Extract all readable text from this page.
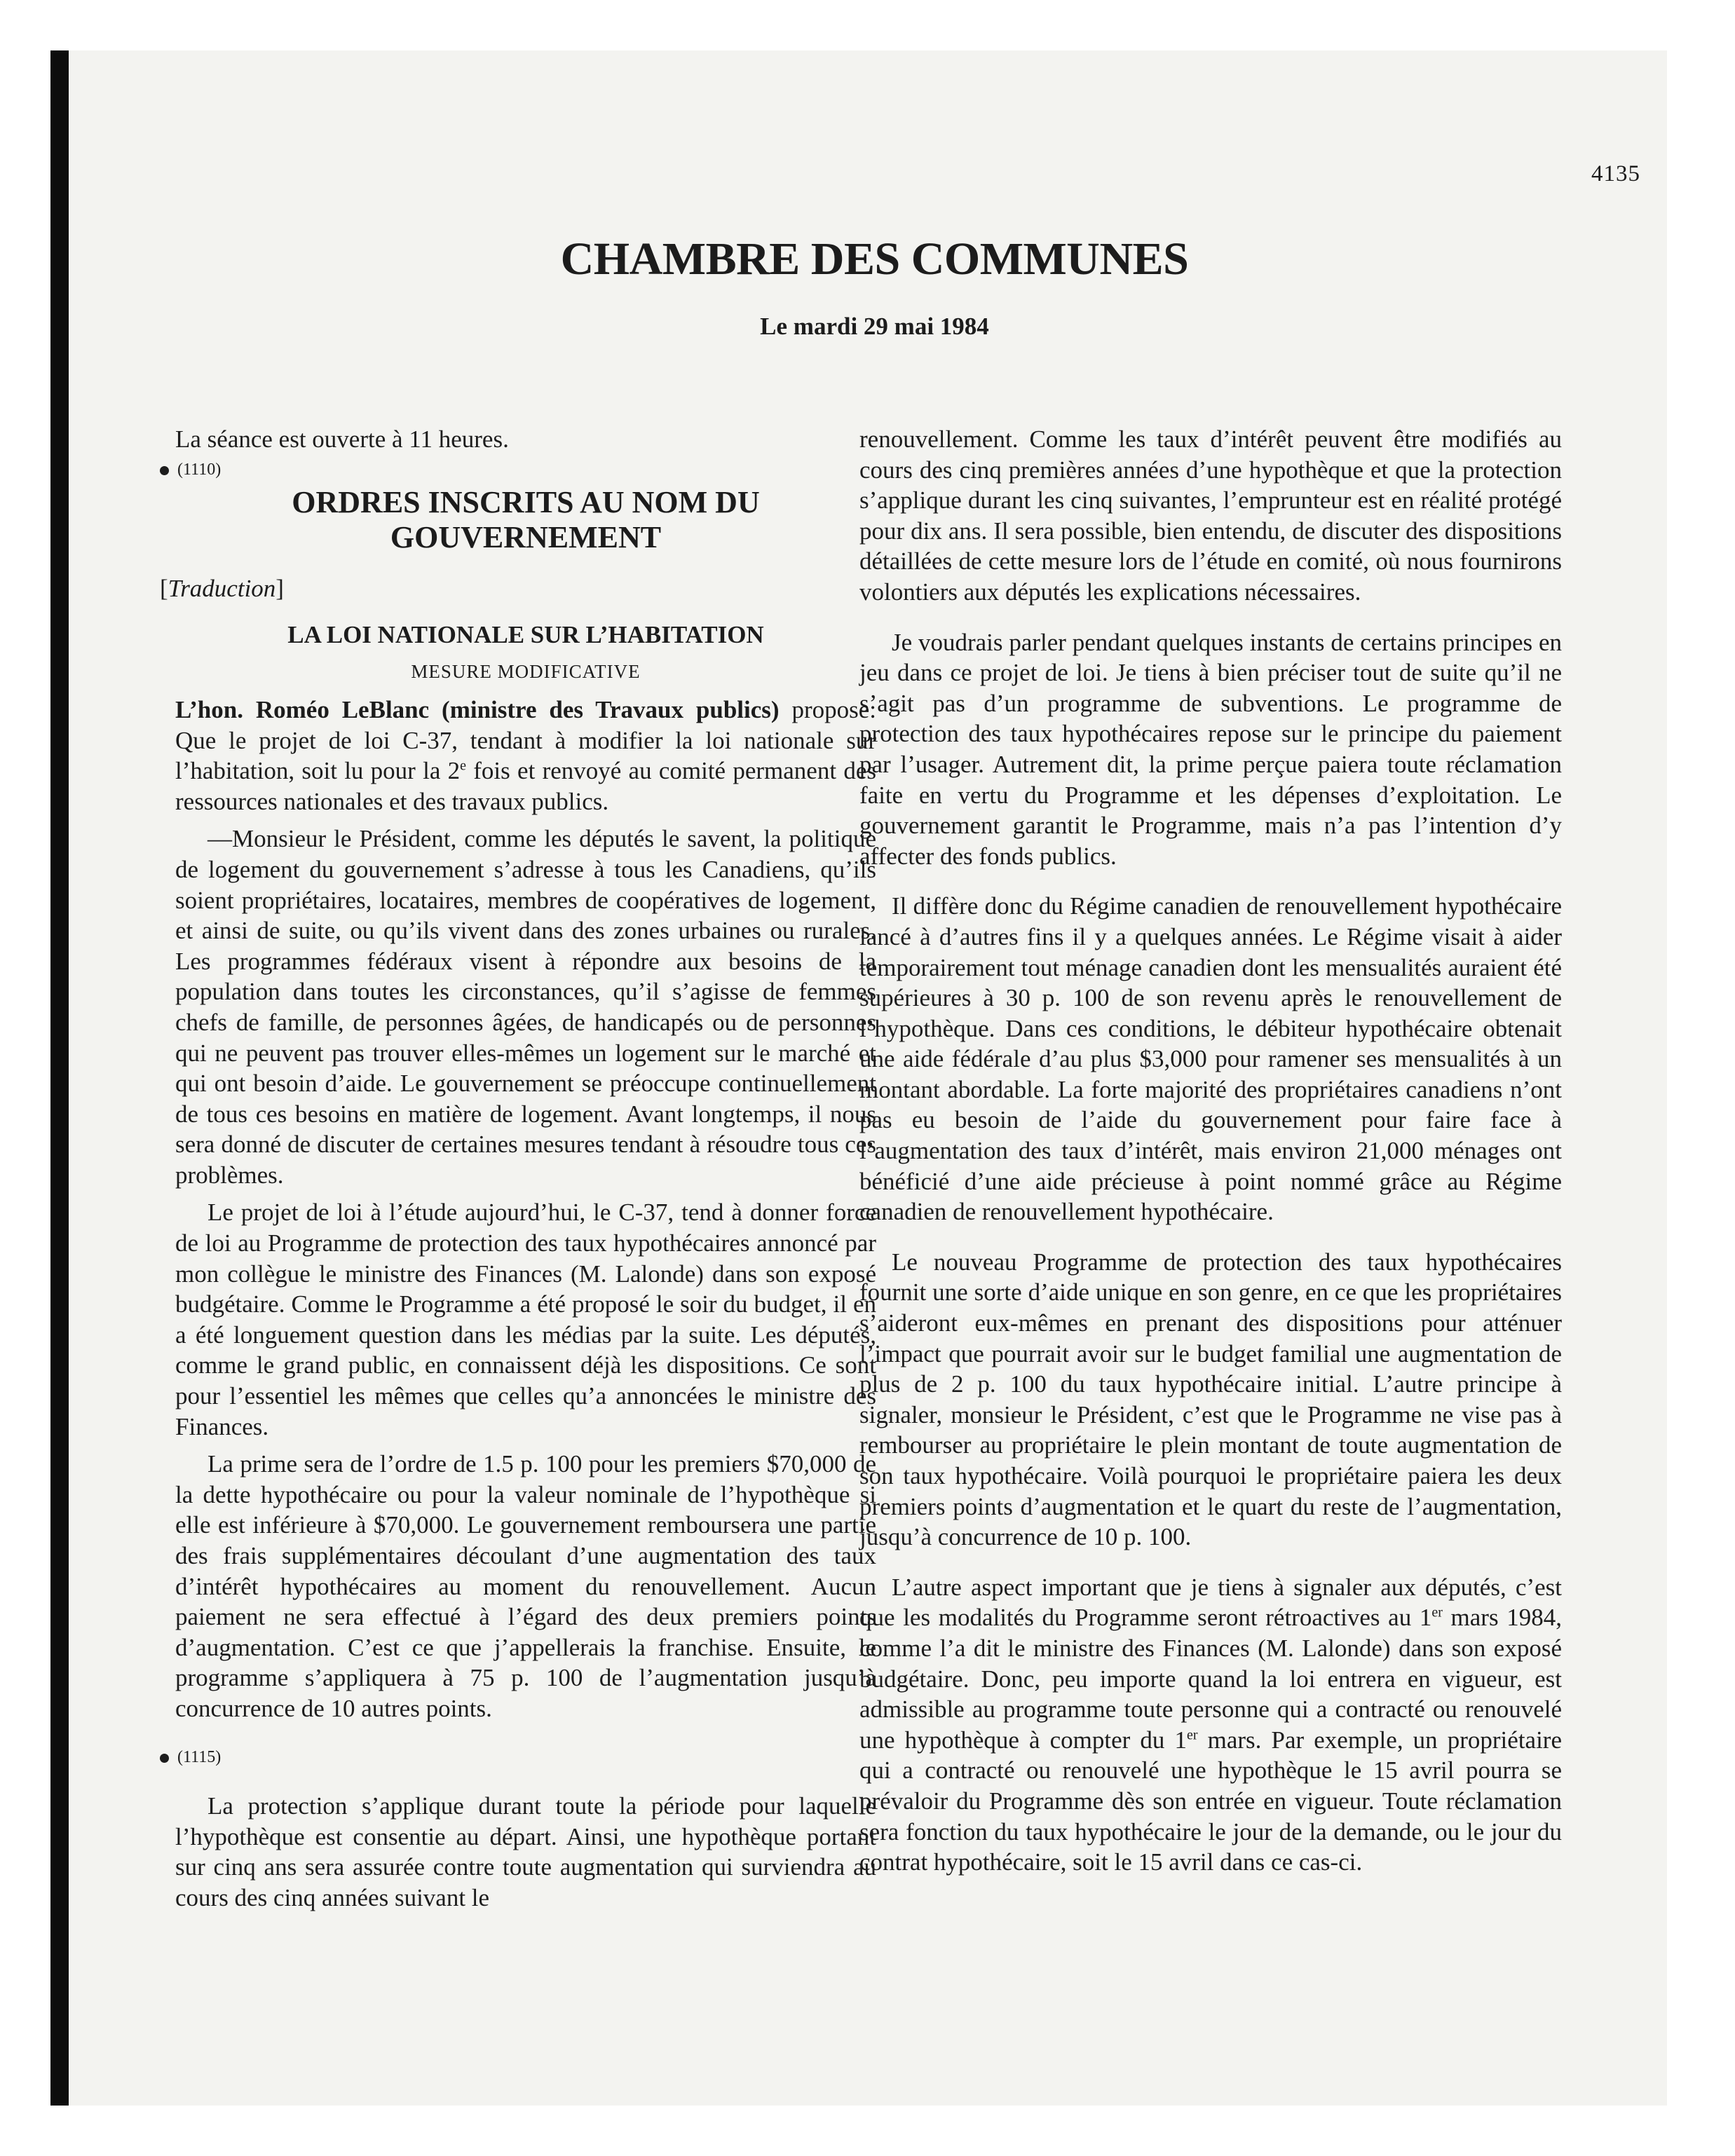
4135
CHAMBRE DES COMMUNES
Le mardi 29 mai 1984

La séance est ouverte à 11 heures.

(1110)

ORDRES INSCRITS AU NOM DU
GOUVERNEMENT

[Traduction]

LA LOI NATIONALE SUR L’HABITATION
MESURE MODIFICATIVE

L’hon. Roméo LeBlanc (ministre des Travaux publics) propose: Que le projet de loi C-37, tendant à modifier la loi nationale sur l’habitation, soit lu pour la 2e fois et renvoyé au comité permanent des ressources nationales et des travaux publics.

—Monsieur le Président, comme les députés le savent, la politique de logement du gouvernement s’adresse à tous les Canadiens, qu’ils soient propriétaires, locataires, membres de coopératives de logement, et ainsi de suite, ou qu’ils vivent dans des zones urbaines ou rurales. Les programmes fédéraux visent à répondre aux besoins de la population dans toutes les circonstances, qu’il s’agisse de femmes chefs de famille, de personnes âgées, de handicapés ou de personnes qui ne peuvent pas trouver elles-mêmes un logement sur le marché et qui ont besoin d’aide. Le gouvernement se préoccupe continuellement de tous ces besoins en matière de logement. Avant longtemps, il nous sera donné de discuter de certaines mesures tendant à résoudre tous ces problèmes.

Le projet de loi à l’étude aujourd’hui, le C-37, tend à donner force de loi au Programme de protection des taux hypothécaires annoncé par mon collègue le ministre des Finances (M. Lalonde) dans son exposé budgétaire. Comme le Programme a été proposé le soir du budget, il en a été longuement question dans les médias par la suite. Les députés, comme le grand public, en connaissent déjà les dispositions. Ce sont pour l’essentiel les mêmes que celles qu’a annoncées le ministre des Finances.

La prime sera de l’ordre de 1.5 p. 100 pour les premiers $70,000 de la dette hypothécaire ou pour la valeur nominale de l’hypothèque si elle est inférieure à $70,000. Le gouvernement remboursera une partie des frais supplémentaires découlant d’une augmentation des taux d’intérêt hypothécaires au moment du renouvellement. Aucun paiement ne sera effectué à l’égard des deux premiers points d’augmentation. C’est ce que j’appellerais la franchise. Ensuite, le programme s’appliquera à 75 p. 100 de l’augmentation jusqu’à concurrence de 10 autres points.

(1115)

La protection s’applique durant toute la période pour laquelle l’hypothèque est consentie au départ. Ainsi, une hypothèque portant sur cinq ans sera assurée contre toute augmentation qui surviendra au cours des cinq années suivant le

renouvellement. Comme les taux d’intérêt peuvent être modifiés au cours des cinq premières années d’une hypothèque et que la protection s’applique durant les cinq suivantes, l’emprunteur est en réalité protégé pour dix ans. Il sera possible, bien entendu, de discuter des dispositions détaillées de cette mesure lors de l’étude en comité, où nous fournirons volontiers aux députés les explications nécessaires.

Je voudrais parler pendant quelques instants de certains principes en jeu dans ce projet de loi. Je tiens à bien préciser tout de suite qu’il ne s’agit pas d’un programme de subventions. Le programme de protection des taux hypothécaires repose sur le principe du paiement par l’usager. Autrement dit, la prime perçue paiera toute réclamation faite en vertu du Programme et les dépenses d’exploitation. Le gouvernement garantit le Programme, mais n’a pas l’intention d’y affecter des fonds publics.

Il diffère donc du Régime canadien de renouvellement hypothécaire lancé à d’autres fins il y a quelques années. Le Régime visait à aider temporairement tout ménage canadien dont les mensualités auraient été supérieures à 30 p. 100 de son revenu après le renouvellement de l’hypothèque. Dans ces conditions, le débiteur hypothécaire obtenait une aide fédérale d’au plus $3,000 pour ramener ses mensualités à un montant abordable. La forte majorité des propriétaires canadiens n’ont pas eu besoin de l’aide du gouvernement pour faire face à l’augmentation des taux d’intérêt, mais environ 21,000 ménages ont bénéficié d’une aide précieuse à point nommé grâce au Régime canadien de renouvellement hypothécaire.

Le nouveau Programme de protection des taux hypothécaires fournit une sorte d’aide unique en son genre, en ce que les propriétaires s’aideront eux-mêmes en prenant des dispositions pour atténuer l’impact que pourrait avoir sur le budget familial une augmentation de plus de 2 p. 100 du taux hypothécaire initial. L’autre principe à signaler, monsieur le Président, c’est que le Programme ne vise pas à rembourser au propriétaire le plein montant de toute augmentation de son taux hypothécaire. Voilà pourquoi le propriétaire paiera les deux premiers points d’augmentation et le quart du reste de l’augmentation, jusqu’à concurrence de 10 p. 100.

L’autre aspect important que je tiens à signaler aux députés, c’est que les modalités du Programme seront rétroactives au 1er mars 1984, comme l’a dit le ministre des Finances (M. Lalonde) dans son exposé budgétaire. Donc, peu importe quand la loi entrera en vigueur, est admissible au programme toute personne qui a contracté ou renouvelé une hypothèque à compter du 1er mars. Par exemple, un propriétaire qui a contracté ou renouvelé une hypothèque le 15 avril pourra se prévaloir du Programme dès son entrée en vigueur. Toute réclamation sera fonction du taux hypothécaire le jour de la demande, ou le jour du contrat hypothécaire, soit le 15 avril dans ce cas-ci.
